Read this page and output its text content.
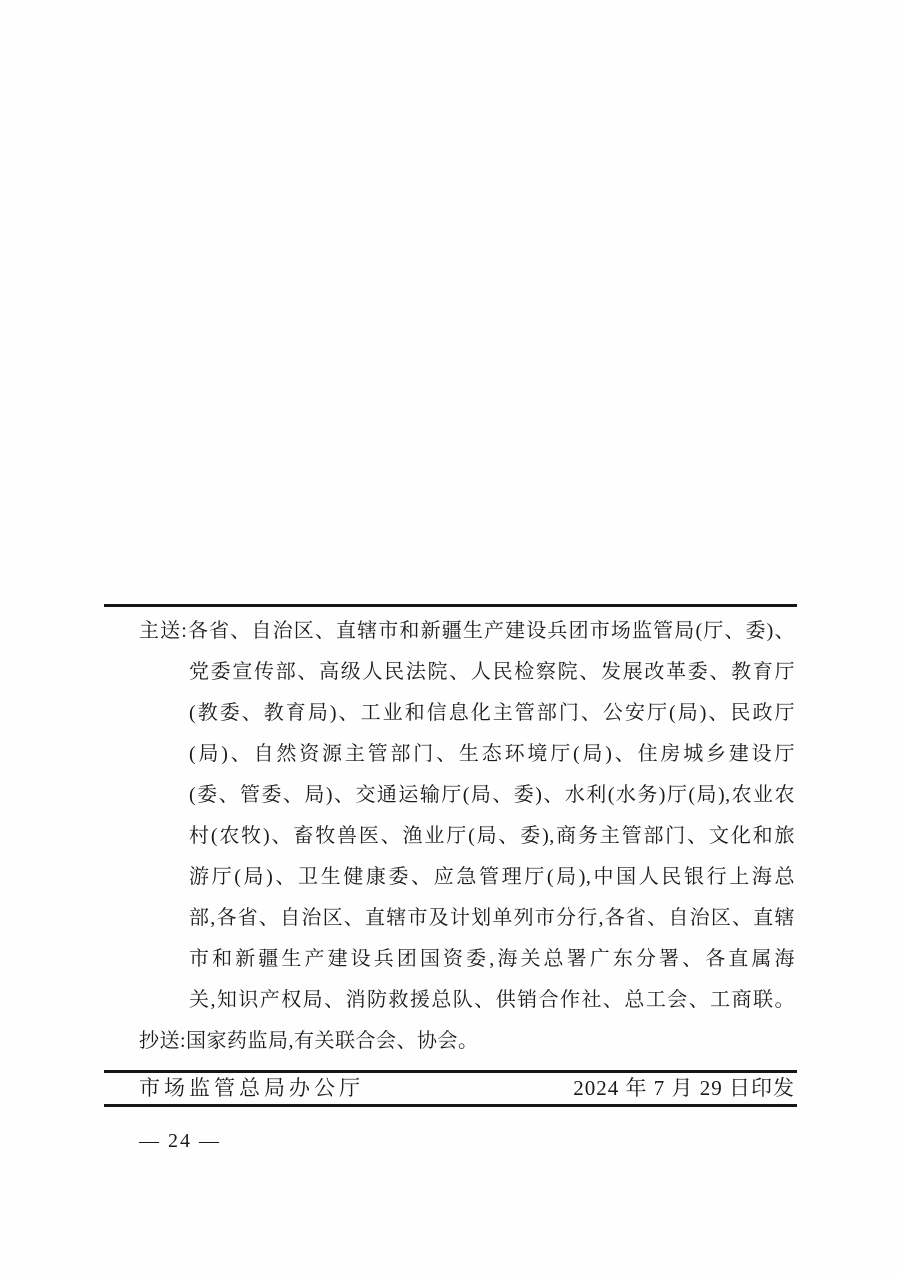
主送:各省、自治区、直辖市和新疆生产建设兵团市场监管局(厅、委)、
党委宣传部、高级人民法院、人民检察院、发展改革委、教育厅
(教委、教育局)、工业和信息化主管部门、公安厅(局)、民政厅
(局)、自然资源主管部门、生态环境厅(局)、住房城乡建设厅
(委、管委、局)、交通运输厅(局、委)、水利(水务)厅(局),农业农
村(农牧)、畜牧兽医、渔业厅(局、委),商务主管部门、文化和旅
游厅(局)、卫生健康委、应急管理厅(局),中国人民银行上海总
部,各省、自治区、直辖市及计划单列市分行,各省、自治区、直辖
市和新疆生产建设兵团国资委,海关总署广东分署、各直属海
关,知识产权局、消防救援总队、供销合作社、总工会、工商联。
抄送:国家药监局,有关联合会、协会。
市场监管总局办公厅	2024 年 7 月 29 日印发
— 24 —
